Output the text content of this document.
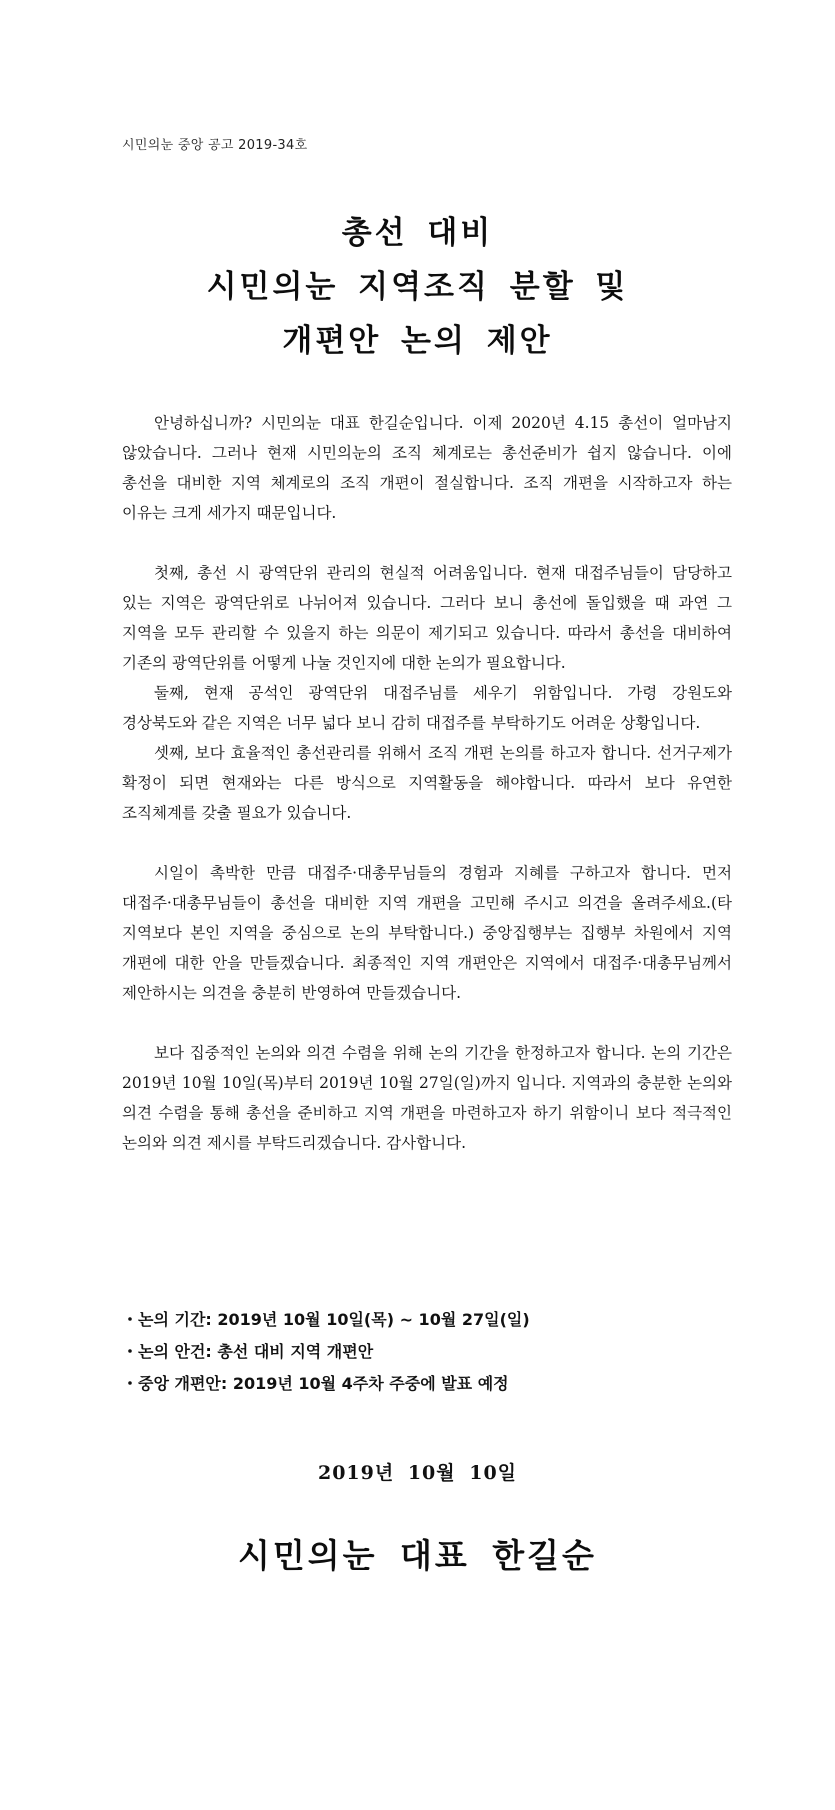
시민의눈 중앙 공고 2019-34호
총선 대비
시민의눈 지역조직 분할 및
개편안 논의 제안

안녕하십니까? 시민의눈 대표 한길순입니다. 이제 2020년 4.15 총선이 얼마남지 않았습니다. 그러나 현재 시민의눈의 조직 체계로는 총선준비가 쉽지 않습니다. 이에 총선을 대비한 지역 체계로의 조직 개편이 절실합니다. 조직 개편을 시작하고자 하는 이유는 크게 세가지 때문입니다.

첫째, 총선 시 광역단위 관리의 현실적 어려움입니다. 현재 대접주님들이 담당하고 있는 지역은 광역단위로 나뉘어져 있습니다. 그러다 보니 총선에 돌입했을 때 과연 그 지역을 모두 관리할 수 있을지 하는 의문이 제기되고 있습니다. 따라서 총선을 대비하여 기존의 광역단위를 어떻게 나눌 것인지에 대한 논의가 필요합니다.

둘째, 현재 공석인 광역단위 대접주님를 세우기 위함입니다. 가령 강원도와 경상북도와 같은 지역은 너무 넓다 보니 감히 대접주를 부탁하기도 어려운 상황입니다.

셋째, 보다 효율적인 총선관리를 위해서 조직 개편 논의를 하고자 합니다. 선거구제가 확정이 되면 현재와는 다른 방식으로 지역활동을 해야합니다. 따라서 보다 유연한 조직체계를 갖출 필요가 있습니다.

시일이 촉박한 만큼 대접주·대총무님들의 경험과 지혜를 구하고자 합니다. 먼저 대접주·대총무님들이 총선을 대비한 지역 개편을 고민해 주시고 의견을 올려주세요.(타 지역보다 본인 지역을 중심으로 논의 부탁합니다.) 중앙집행부는 집행부 차원에서 지역 개편에 대한 안을 만들겠습니다. 최종적인 지역 개편안은 지역에서 대접주·대총무님께서 제안하시는 의견을 충분히 반영하여 만들겠습니다.

보다 집중적인 논의와 의견 수렴을 위해 논의 기간을 한정하고자 합니다. 논의 기간은 2019년 10월 10일(목)부터 2019년 10월 27일(일)까지 입니다. 지역과의 충분한 논의와 의견 수렴을 통해 총선을 준비하고 지역 개편을 마련하고자 하기 위함이니 보다 적극적인 논의와 의견 제시를 부탁드리겠습니다. 감사합니다.

・논의 기간: 2019년 10월 10일(목) ~ 10월 27일(일)
・논의 안건: 총선 대비 지역 개편안
・중앙 개편안: 2019년 10월 4주차 주중에 발표 예정
2019년 10월 10일
시민의눈 대표 한길순
